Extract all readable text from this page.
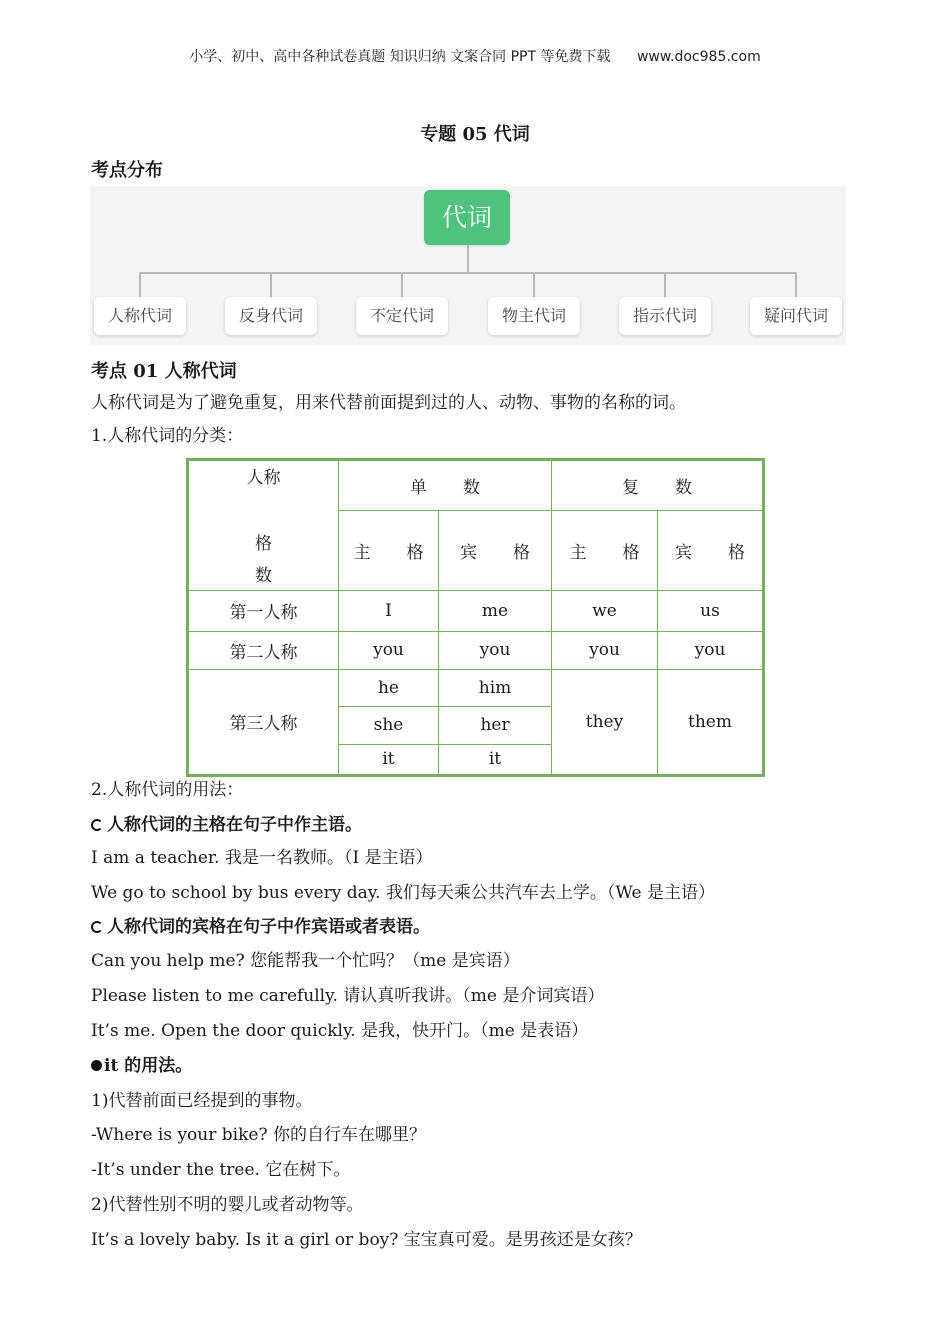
小学、初中、高中各种试卷真题 知识归纳 文案合同 PPT 等免费下载 www.doc985.com
专题 05 代词
考点分布
代词
人称代词	反身代词	不定代词	物主代词	指示代词	疑问代词
考点 01 人称代词
人称代词是为了避免重复，用来代替前面提到过的人、动物、事物的名称的词。
1.人称代词的分类：
人称
格
数	单 数		复 数	
	主 格	宾 格	主 格	宾 格
第一人称	I	me	we	us
第二人称	you	you	you	you
第三人称	he	him	they	them
	she	her		
	it	it		
2.人称代词的用法：
人称代词的主格在句子中作主语。
I am a teacher. 我是一名教师。（I 是主语）
We go to school by bus every day. 我们每天乘公共汽车去上学。（We 是主语）
人称代词的宾格在句子中作宾语或者表语。
Can you help me? 您能帮我一个忙吗？（me 是宾语）
Please listen to me carefully. 请认真听我讲。（me 是介词宾语）
It’s me. Open the door quickly. 是我，快开门。（me 是表语）
it 的用法。
1)代替前面已经提到的事物。
-Where is your bike? 你的自行车在哪里？
-It’s under the tree. 它在树下。
2)代替性别不明的婴儿或者动物等。
It’s a lovely baby. Is it a girl or boy? 宝宝真可爱。是男孩还是女孩？
